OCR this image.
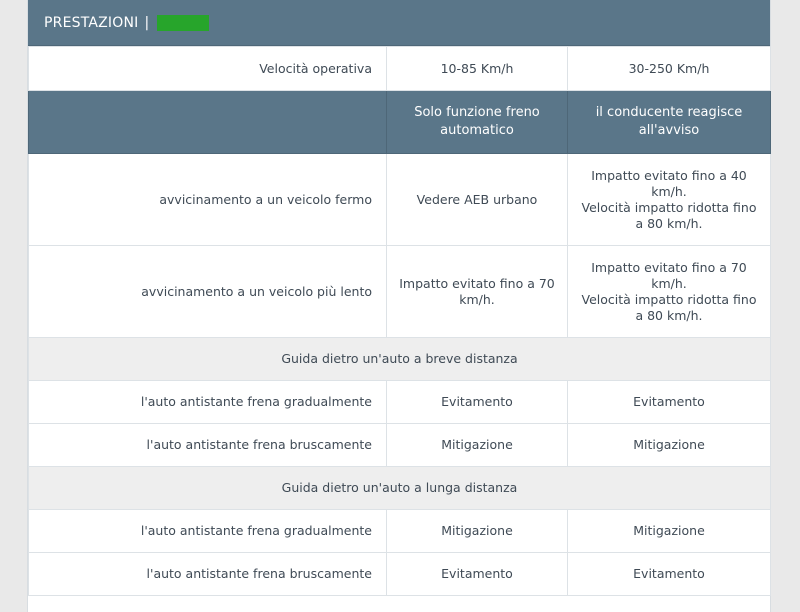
PRESTAZIONI |
Velocità operativa	10-85 Km/h	30-250 Km/h
	Solo funzione freno automatico	il conducente reagisce all'avviso
avvicinamento a un veicolo fermo	Vedere AEB urbano	Impatto evitato fino a 40 km/h.
Velocità impatto ridotta fino a 80 km/h.

avvicinamento a un veicolo più lento	Impatto evitato fino a 70 km/h.	Impatto evitato fino a 70 km/h.
Velocità impatto ridotta fino a 80 km/h.

Guida dietro un'auto a breve distanza		
l'auto antistante frena gradualmente	Evitamento	Evitamento
l'auto antistante frena bruscamente	Mitigazione	Mitigazione
Guida dietro un'auto a lunga distanza		
l'auto antistante frena gradualmente	Mitigazione	Mitigazione
l'auto antistante frena bruscamente	Evitamento	Evitamento
